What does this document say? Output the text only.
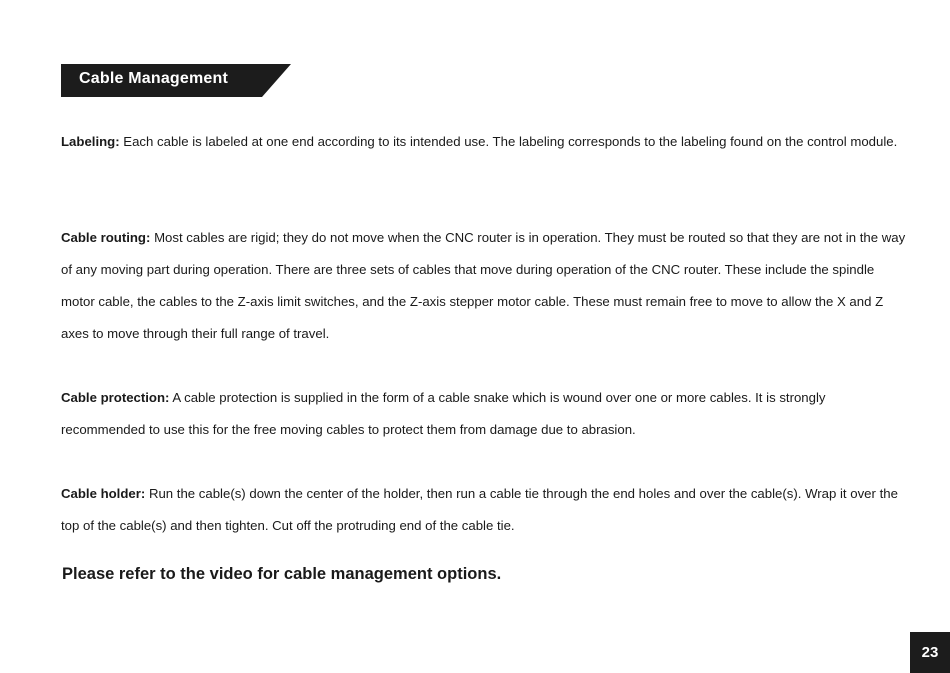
Cable Management

Labeling: Each cable is labeled at one end according to its intended use. The labeling corresponds to the labeling found on the control module.

Cable routing: Most cables are rigid; they do not move when the CNC router is in operation. They must be routed so that they are not in the way of any moving part during operation. There are three sets of cables that move during operation of the CNC router. These include the spindle motor cable, the cables to the Z-axis limit switches, and the Z-axis stepper motor cable. These must remain free to move to allow the X and Z axes to move through their full range of travel.

Cable protection: A cable protection is supplied in the form of a cable snake which is wound over one or more cables. It is strongly recommended to use this for the free moving cables to protect them from damage due to abrasion.

Cable holder: Run the cable(s) down the center of the holder, then run a cable tie through the end holes and over the cable(s). Wrap it over the top of the cable(s) and then tighten. Cut off the protruding end of the cable tie.

Please refer to the video for cable management options.
23
